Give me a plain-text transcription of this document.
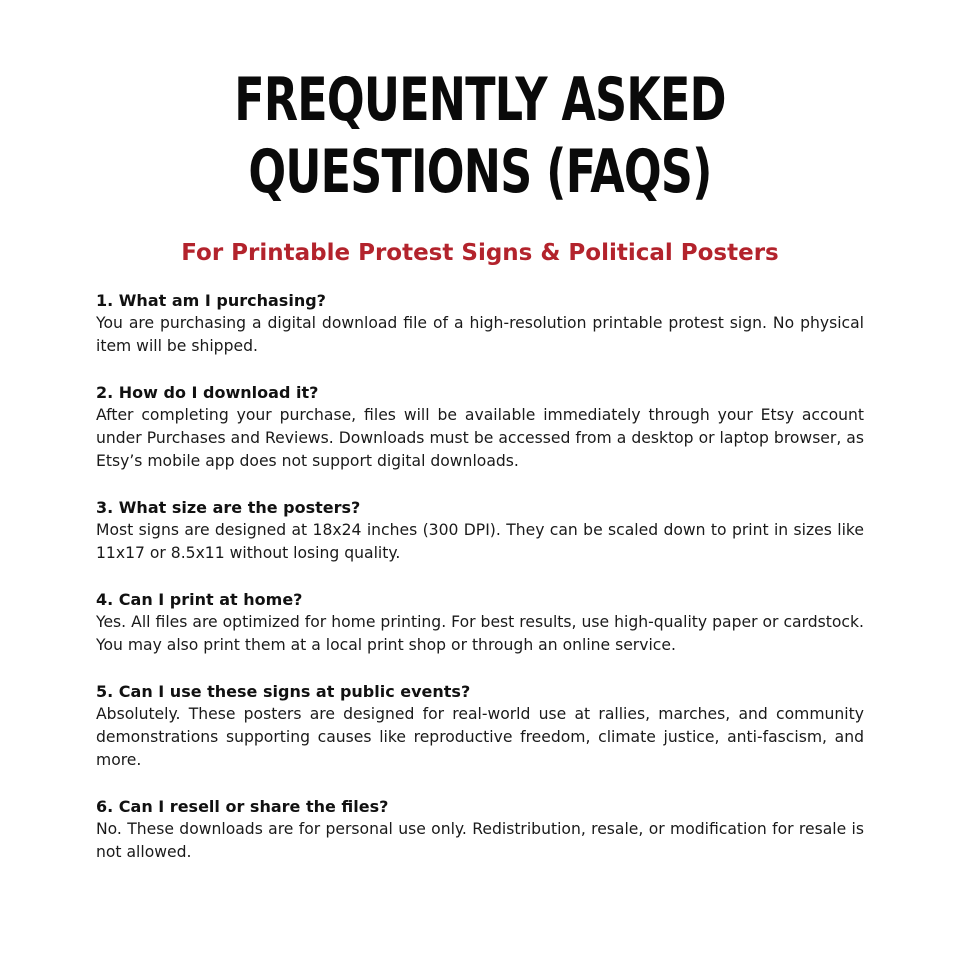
FREQUENTLY ASKED
QUESTIONS (FAQS)
For Printable Protest Signs & Political Posters
1. What am I purchasing?
You are purchasing a digital download file of a high-resolution printable protest sign. No physical item will be shipped.
2. How do I download it?
After completing your purchase, files will be available immediately through your Etsy account under Purchases and Reviews. Downloads must be accessed from a desktop or laptop browser, as Etsy’s mobile app does not support digital downloads.
3. What size are the posters?
Most signs are designed at 18x24 inches (300 DPI). They can be scaled down to print in sizes like 11x17 or 8.5x11 without losing quality.
4. Can I print at home?
Yes. All files are optimized for home printing. For best results, use high-quality paper or cardstock. You may also print them at a local print shop or through an online service.
5. Can I use these signs at public events?
Absolutely. These posters are designed for real-world use at rallies, marches, and community demonstrations supporting causes like reproductive freedom, climate justice, anti-fascism, and more.
6. Can I resell or share the files?
No. These downloads are for personal use only. Redistribution, resale, or modification for resale is not allowed.
